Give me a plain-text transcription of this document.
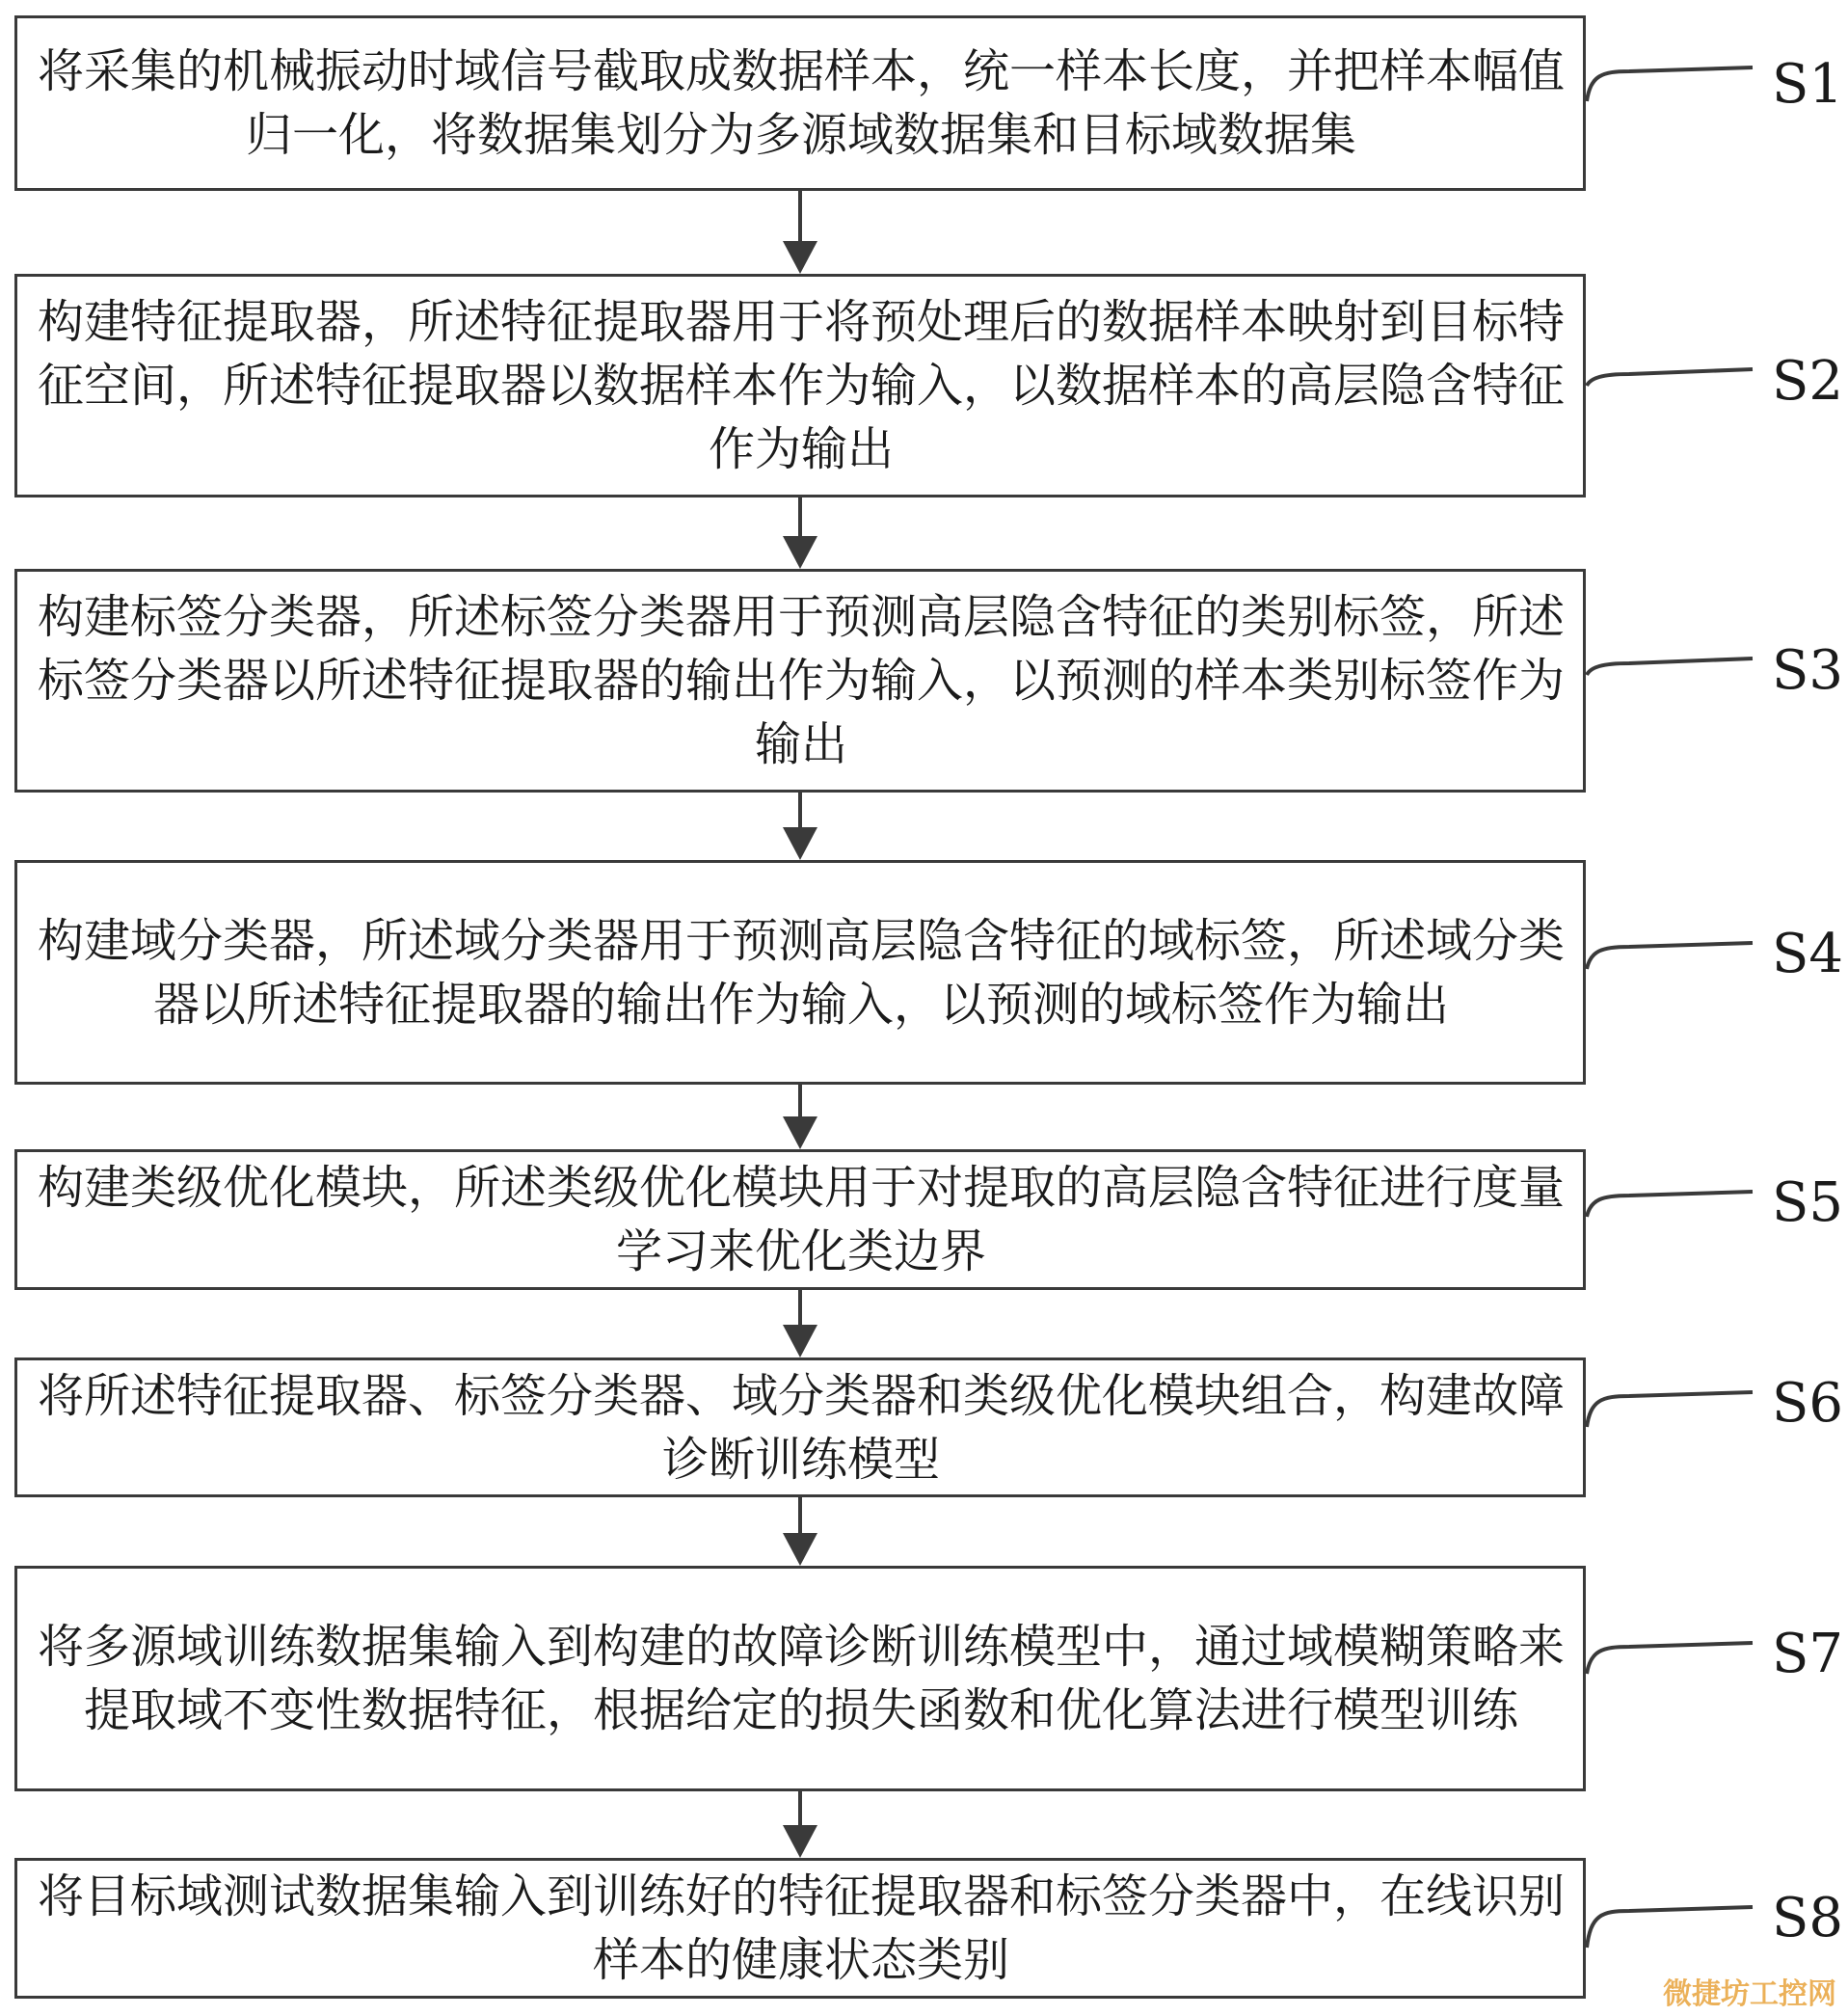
将采集的机械振动时域信号截取成数据样本，统一样本长度，并把样本幅值归一化，将数据集划分为多源域数据集和目标域数据集
S1
构建特征提取器，所述特征提取器用于将预处理后的数据样本映射到目标特征空间，所述特征提取器以数据样本作为输入，以数据样本的高层隐含特征作为输出
S2
构建标签分类器，所述标签分类器用于预测高层隐含特征的类别标签，所述标签分类器以所述特征提取器的输出作为输入，以预测的样本类别标签作为输出
S3
构建域分类器，所述域分类器用于预测高层隐含特征的域标签，所述域分类器以所述特征提取器的输出作为输入，以预测的域标签作为输出
S4
构建类级优化模块，所述类级优化模块用于对提取的高层隐含特征进行度量学习来优化类边界
S5
将所述特征提取器、标签分类器、域分类器和类级优化模块组合，构建故障诊断训练模型
S6
将多源域训练数据集输入到构建的故障诊断训练模型中，通过域模糊策略来提取域不变性数据特征，根据给定的损失函数和优化算法进行模型训练
S7
将目标域测试数据集输入到训练好的特征提取器和标签分类器中，在线识别样本的健康状态类别
S8
微捷坊工控网
